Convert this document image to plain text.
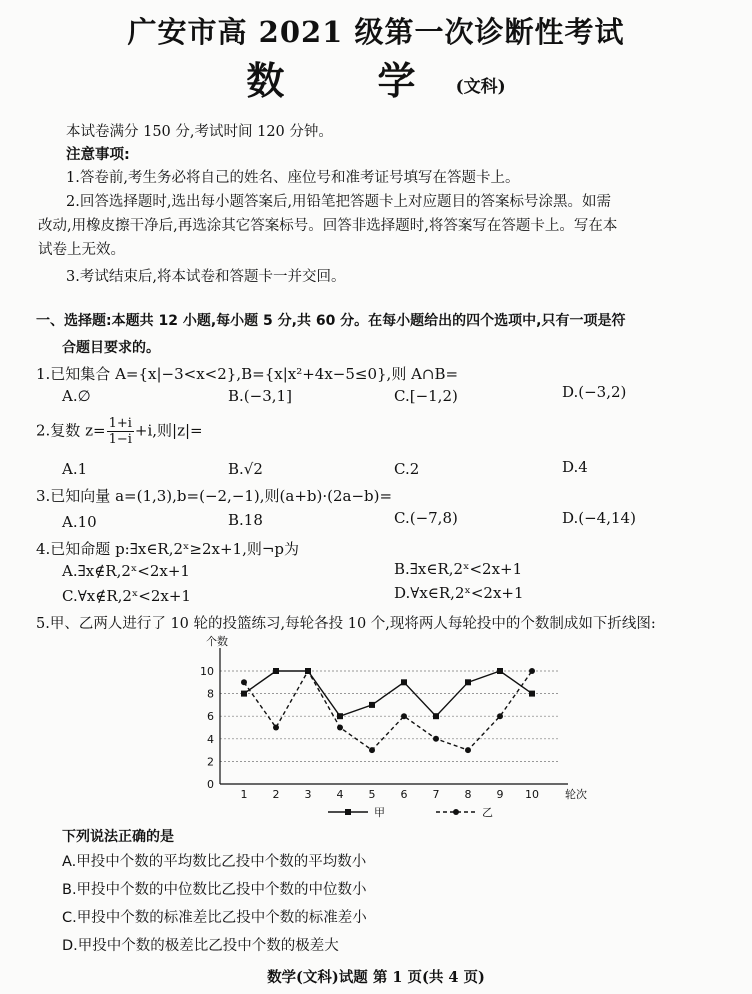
广安市高 2021 级第一次诊断性考试
数 学(文科)
本试卷满分 150 分,考试时间 120 分钟。
注意事项:
1.答卷前,考生务必将自己的姓名、座位号和准考证号填写在答题卡上。
2.回答选择题时,选出每小题答案后,用铅笔把答题卡上对应题目的答案标号涂黑。如需
改动,用橡皮擦干净后,再选涂其它答案标号。回答非选择题时,将答案写在答题卡上。写在本
试卷上无效。
3.考试结束后,将本试卷和答题卡一并交回。
一、选择题:本题共 12 小题,每小题 5 分,共 60 分。在每小题给出的四个选项中,只有一项是符
合题目要求的。
1.已知集合 A={x|−3<x<2},B={x|x²+4x−5≤0},则 A∩B=
A.∅	B.(−3,1]	C.[−1,2)	D.(−3,2)
2.复数 $z= \frac{1+i}{1-i} +i$,则|z|=
A.1	B.√2	C.2	D.4
3.已知向量 a=(1,3),b=(−2,−1),则(a+b)·(2a−b)=
A.10	B.18	C.(−7,8)	D.(−4,14)
4.已知命题 p:∃x∈R,2ˣ≥2x+1,则¬p为
A.∃x∉R,2ˣ<2x+1	B.∃x∈R,2ˣ<2x+1
C.∀x∉R,2ˣ<2x+1	D.∀x∈R,2ˣ<2x+1
5.甲、乙两人进行了 10 轮的投篮练习,每轮各投 10 个,现将两人每轮投中的个数制成如下折线图:
0
2
4
6
8
10
1 2 3 4 5 6 7 8 9 10
个数
轮次
甲	乙
下列说法正确的是
A.甲投中个数的平均数比乙投中个数的平均数小
B.甲投中个数的中位数比乙投中个数的中位数小
C.甲投中个数的标准差比乙投中个数的标准差小
D.甲投中个数的极差比乙投中个数的极差大
数学(文科)试题 第 1 页(共 4 页)
